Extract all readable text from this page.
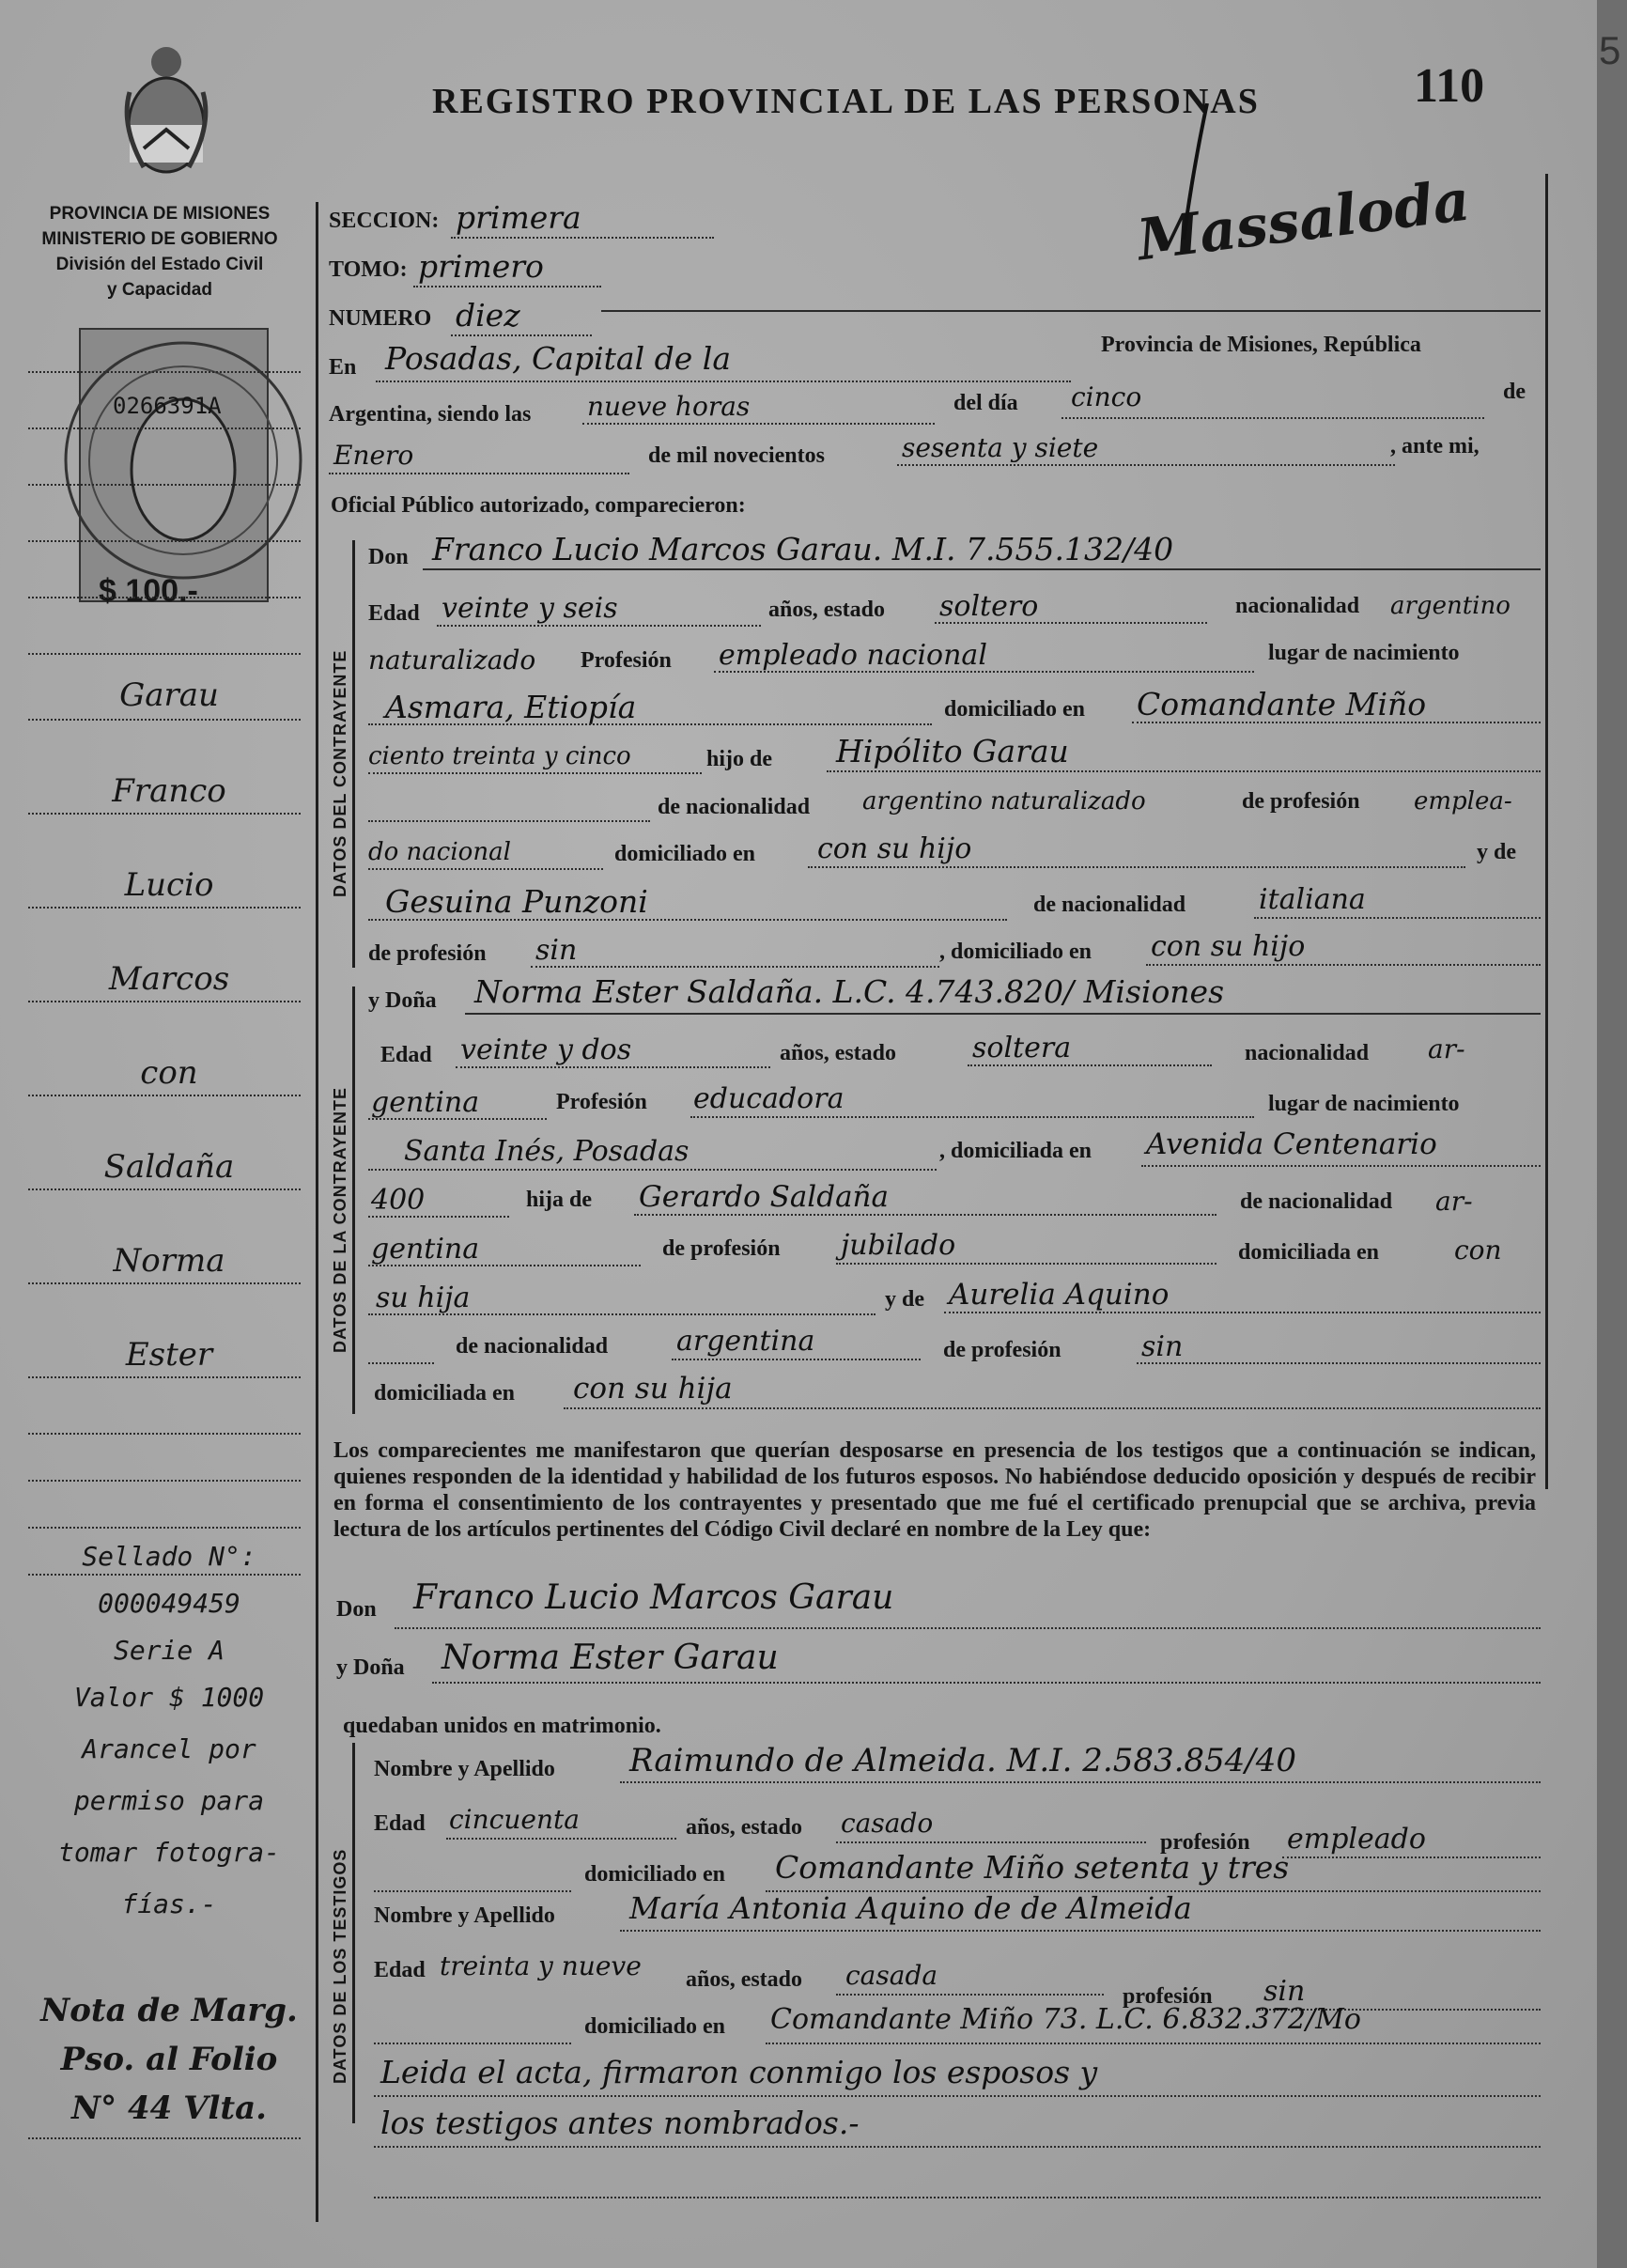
5
REGISTRO PROVINCIAL DE LAS PERSONAS	110
Massaloda
PROVINCIA DE MISIONES
MINISTERIO DE GOBIERNO
División del Estado Civil
y Capacidad
0266391A
$ 100.-
Garau
Franco
Lucio
Marcos
con
Saldaña
Norma
Ester
Sellado N°:
000049459
Serie A
Valor $ 1000
Arancel por
permiso para
tomar fotogra-
fías.-
Nota de Marg.
Pso. al Folio
N° 44 Vlta.
SECCION: primera
TOMO: primero
NUMERO diez
En Posadas, Capital de la	Provincia de Misiones, República
Argentina, siendo las nueve horas	del día cinco	de
Enero	de mil novecientos	sesenta y siete	, ante mi,
Oficial Público autorizado, comparecieron:
DATOS DEL CONTRAYENTE
Don Franco Lucio Marcos Garau. M.I. 7.555.132/40
Edad veinte y seis	años, estado soltero	nacionalidad argentino
naturalizado Profesión empleado nacional	lugar de nacimiento
Asmara, Etiopía	domiciliado en Comandante Miño
ciento treinta y cinco	hijo de Hipólito Garau
de nacionalidad argentino naturalizado	de profesión emplea-
do nacional	domiciliado en con su hijo	y de
Gesuina Punzoni	de nacionalidad	italiana
de profesión sin	, domiciliado en con su hijo
DATOS DE LA CONTRAYENTE
y Doña Norma Ester Saldaña. L.C. 4.743.820/ Misiones
Edad veinte y dos	años, estado	soltera	nacionalidad ar-
gentina	Profesión educadora	lugar de nacimiento
Santa Inés, Posadas	, domiciliada en Avenida Centenario
400	hija de Gerardo Saldaña	de nacionalidad ar-
gentina	de profesión jubilado	domiciliada en	con
su hija	y de Aurelia Aquino
de nacionalidad argentina	de profesión	sin
domiciliada en con su hija
Los comparecientes me manifestaron que querían desposarse en presencia de los testigos que a continuación se indican, quienes responden de la identidad y habilidad de los futuros esposos. No habiéndose deducido oposición y después de recibir en forma el consentimiento de los contrayentes y presentado que me fué el certificado prenupcial que se archiva, previa lectura de los artículos pertinentes del Código Civil declaré en nombre de la Ley que:
Don Franco Lucio Marcos Garau
y Doña Norma Ester Garau
quedaban unidos en matrimonio.
DATOS DE LOS TESTIGOS
Nombre y Apellido Raimundo de Almeida. M.I. 2.583.854/40
Edad cincuenta	años, estado casado
profesión empleado
domiciliado en Comandante Miño setenta y tres
Nombre y Apellido María Antonia Aquino de de Almeida
Edad treinta y nueve años, estado casada
profesión sin
domiciliado en Comandante Miño 73. L.C. 6.832.372/Mo
Leida el acta, firmaron conmigo los esposos y
los testigos antes nombrados.-
